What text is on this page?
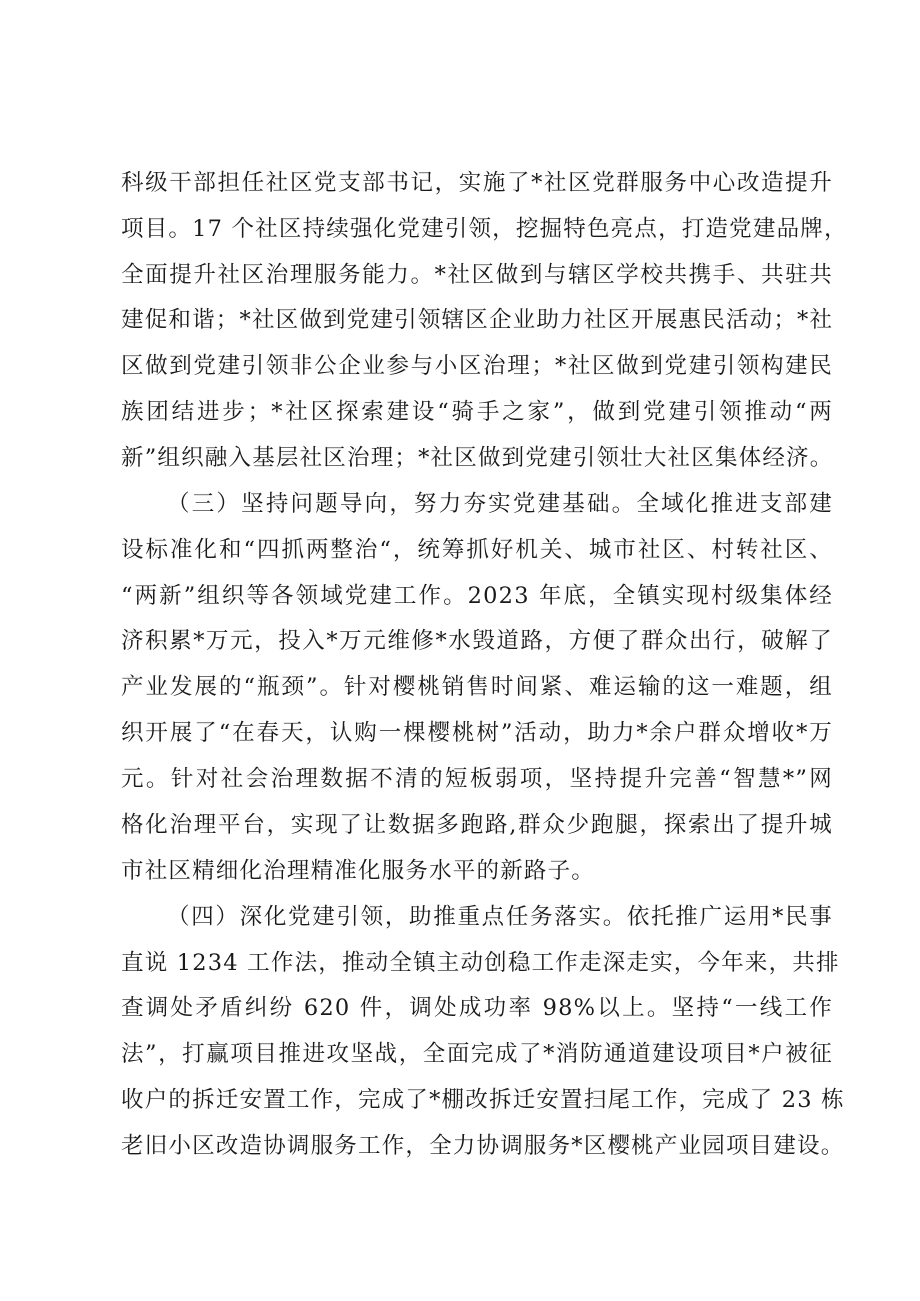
科级干部担任社区党支部书记，实施了*社区党群服务中心改造提升

项目。17 个社区持续强化党建引领，挖掘特色亮点，打造党建品牌，

全面提升社区治理服务能力。*社区做到与辖区学校共携手、共驻共

建促和谐；*社区做到党建引领辖区企业助力社区开展惠民活动；*社

区做到党建引领非公企业参与小区治理；*社区做到党建引领构建民

族团结进步；*社区探索建设“骑手之家”，做到党建引领推动“两

新”组织融入基层社区治理；*社区做到党建引领壮大社区集体经济。

（三）坚持问题导向，努力夯实党建基础。全域化推进支部建

设标准化和“四抓两整治“，统筹抓好机关、城市社区、村转社区、

“两新”组织等各领域党建工作。2023 年底，全镇实现村级集体经

济积累*万元，投入*万元维修*水毁道路，方便了群众出行，破解了

产业发展的“瓶颈”。针对樱桃销售时间紧、难运输的这一难题，组

织开展了“在春天，认购一棵樱桃树”活动，助力*余户群众增收*万

元。针对社会治理数据不清的短板弱项，坚持提升完善“智慧*”网

格化治理平台，实现了让数据多跑路,群众少跑腿，探索出了提升城

市社区精细化治理精准化服务水平的新路子。

（四）深化党建引领，助推重点任务落实。依托推广运用*民事

直说 1234 工作法，推动全镇主动创稳工作走深走实，今年来，共排

查调处矛盾纠纷 620 件，调处成功率 98%以上。坚持“一线工作

法”，打赢项目推进攻坚战，全面完成了*消防通道建设项目*户被征

收户的拆迁安置工作，完成了*棚改拆迁安置扫尾工作，完成了 23 栋

老旧小区改造协调服务工作，全力协调服务*区樱桃产业园项目建设。
